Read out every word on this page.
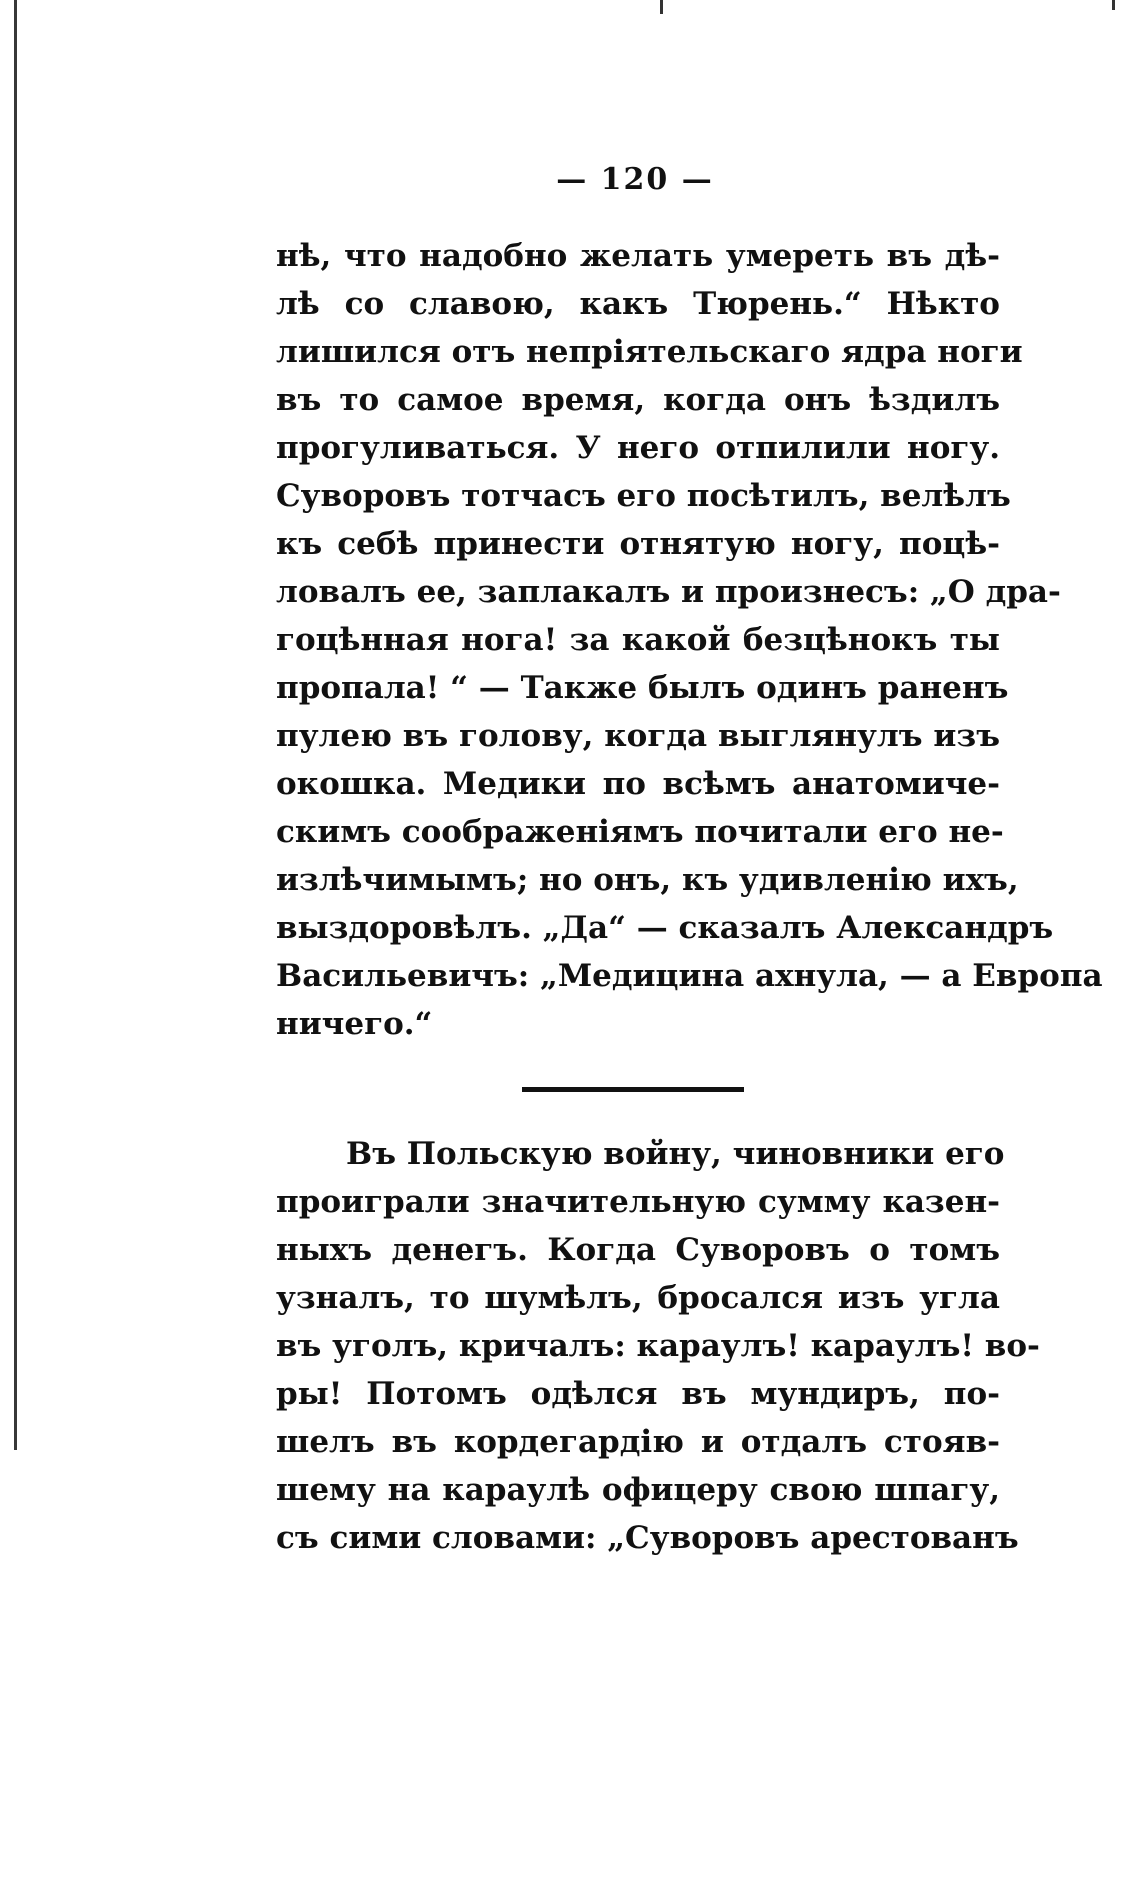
— 120 —
нѣ, что надобно желать умереть въ дѣ-
лѣ со славою, какъ Тюрень.“ Нѣкто
лишился отъ непріятельскаго ядра ноги
въ то самое время, когда онъ ѣздилъ
прогуливаться. У него отпилили ногу.
Суворовъ тотчасъ его посѣтилъ, велѣлъ
къ себѣ принести отнятую ногу, поцѣ-
ловалъ ее, заплакалъ и произнесъ: „О дра-
гоцѣнная нога! за какой безцѣнокъ ты
пропала! “ — Также былъ одинъ раненъ
пулею въ голову, когда выглянулъ изъ
окошка. Медики по всѣмъ анатомиче-
скимъ соображеніямъ почитали его не-
излѣчимымъ; но онъ, къ удивленію ихъ,
выздоровѣлъ. „Да“ — сказалъ Александръ
Васильевичъ: „Медицина ахнула, — а Европа
ничего.“
Въ Польскую войну, чиновники его
проиграли значительную сумму казен-
ныхъ денегъ. Когда Суворовъ о томъ
узналъ, то шумѣлъ, бросался изъ угла
въ уголъ, кричалъ: караулъ! караулъ! во-
ры! Потомъ одѣлся въ мундиръ, по-
шелъ въ кордегардію и отдалъ стояв-
шему на караулѣ офицеру свою шпагу,
съ сими словами: „Суворовъ арестованъ
